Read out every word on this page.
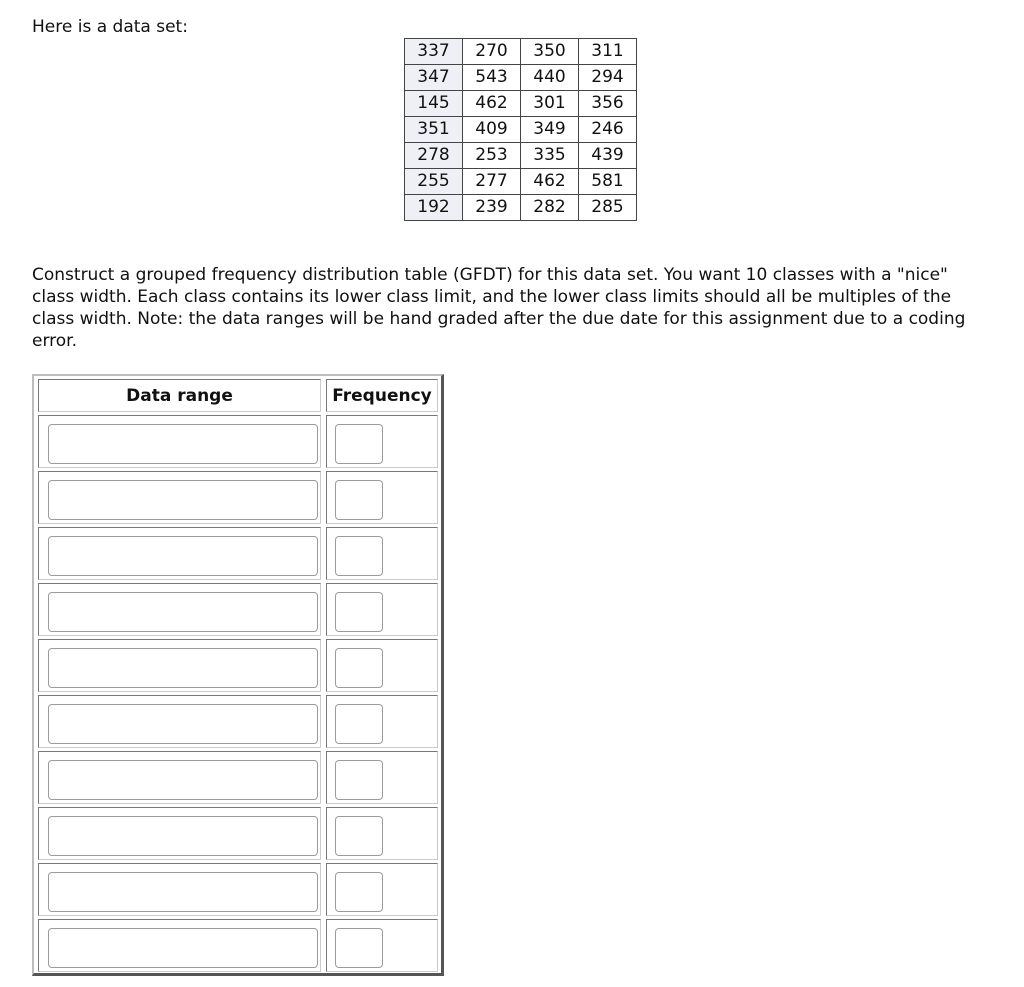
Here is a data set:
337	270	350	311
347	543	440	294
145	462	301	356
351	409	349	246
278	253	335	439
255	277	462	581
192	239	282	285
Construct a grouped frequency distribution table (GFDT) for this data set. You want 10 classes with a "nice" class width. Each class contains its lower class limit, and the lower class limits should all be multiples of the class width. Note: the data ranges will be hand graded after the due date for this assignment due to a coding error.
Data range	Frequency
